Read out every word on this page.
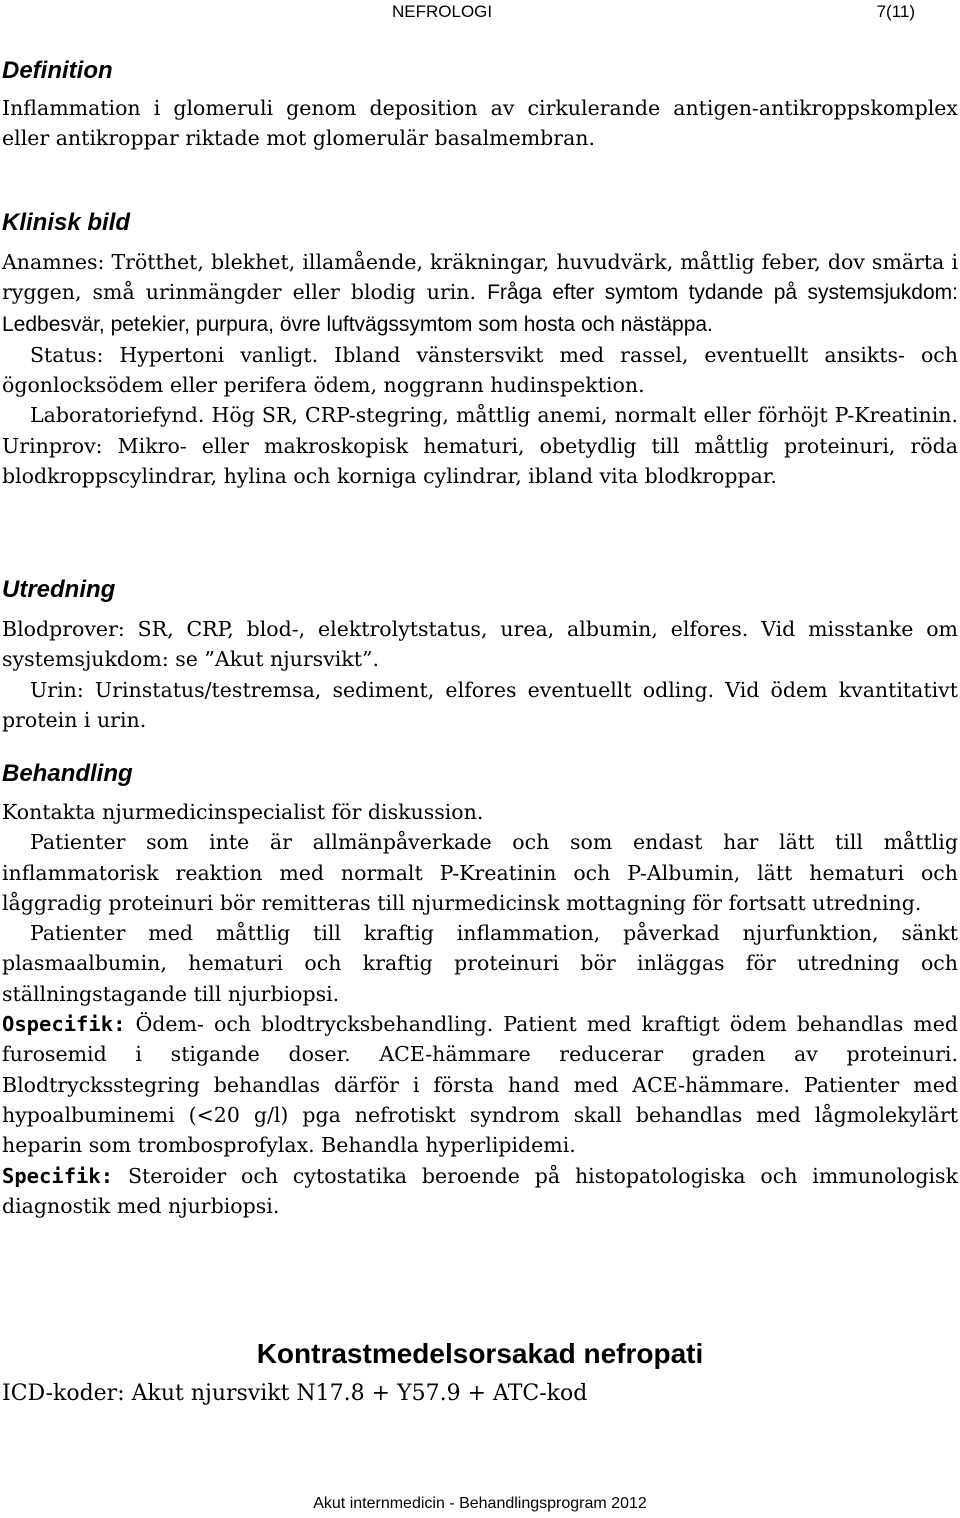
NEFROLOGI	7(11)
Definition

Inflammation i glomeruli genom deposition av cirkulerande antigen-antikroppskomplex eller antikroppar riktade mot glomerulär basalmembran.

Klinisk bild

Anamnes: Trötthet, blekhet, illamående, kräkningar, huvudvärk, måttlig feber, dov smärta i ryggen, små urinmängder eller blodig urin. Fråga efter symtom tydande på systemsjukdom: Ledbesvär, petekier, purpura, övre luftvägssymtom som hosta och nästäppa.

Status: Hypertoni vanligt. Ibland vänstersvikt med rassel, eventuellt ansikts- och ögonlocksödem eller perifera ödem, noggrann hudinspektion.

Laboratoriefynd. Hög SR, CRP-stegring, måttlig anemi, normalt eller förhöjt P-Kreatinin. Urinprov: Mikro- eller makroskopisk hematuri, obetydlig till måttlig proteinuri, röda blodkroppscylindrar, hylina och korniga cylindrar, ibland vita blodkroppar.

Utredning

Blodprover: SR, CRP, blod-, elektrolytstatus, urea, albumin, elfores. Vid misstanke om systemsjukdom: se ”Akut njursvikt”.

Urin: Urinstatus/testremsa, sediment, elfores eventuellt odling. Vid ödem kvantitativt protein i urin.

Behandling

Kontakta njurmedicinspecialist för diskussion.

Patienter som inte är allmänpåverkade och som endast har lätt till måttlig inflammatorisk reaktion med normalt P-Kreatinin och P-Albumin, lätt hematuri och låggradig proteinuri bör remitteras till njurmedicinsk mottagning för fortsatt utredning.

Patienter med måttlig till kraftig inflammation, påverkad njurfunktion, sänkt plasmaalbumin, hematuri och kraftig proteinuri bör inläggas för utredning och ställningstagande till njurbiopsi.

Ospecifik: Ödem- och blodtrycksbehandling. Patient med kraftigt ödem behandlas med furosemid i stigande doser. ACE-hämmare reducerar graden av proteinuri. Blodtrycksstegring behandlas därför i första hand med ACE-hämmare. Patienter med hypoalbuminemi (<20 g/l) pga nefrotiskt syndrom skall behandlas med lågmolekylärt heparin som trombosprofylax. Behandla hyperlipidemi.

Specifik: Steroider och cytostatika beroende på histopatologiska och immunologisk diagnostik med njurbiopsi.

Kontrastmedelsorsakad nefropati

ICD-koder: Akut njursvikt N17.8 + Y57.9 + ATC-kod

Akut internmedicin - Behandlingsprogram 2012
